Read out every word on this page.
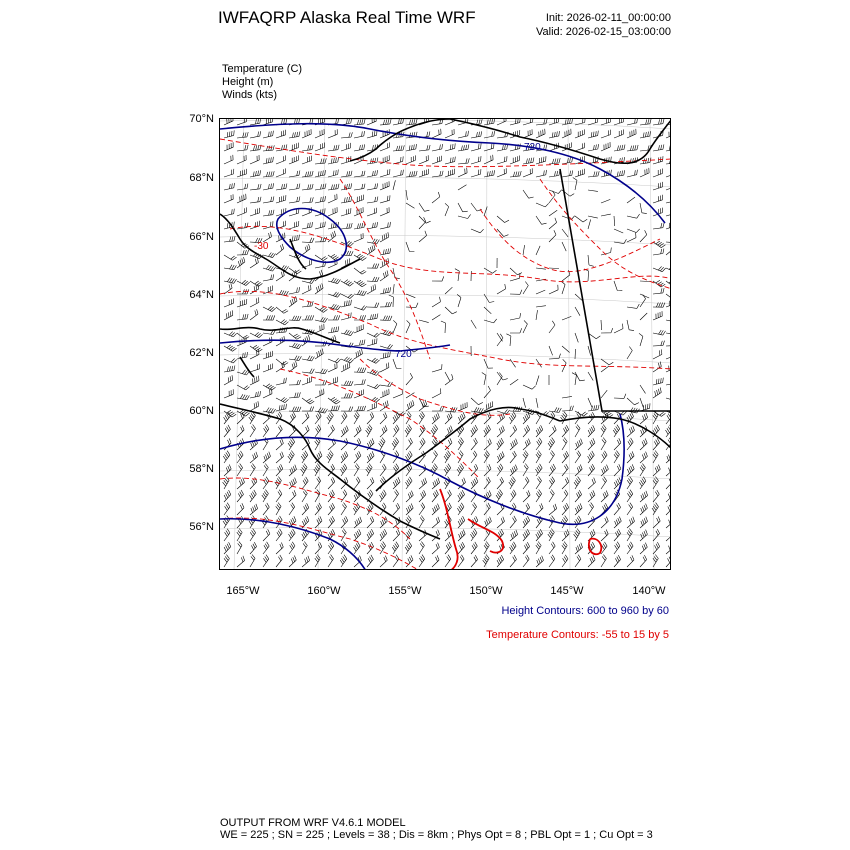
IWFAQRP Alaska Real Time WRF	Init: 2026-02-11_00:00:00
Valid: 2026-02-15_03:00:00
Temperature (C)
Height (m)
Winds (kts)
720
720
-30
70°N
68°N
66°N
64°N
62°N
60°N
58°N
56°N
165°W	160°W	155°W	150°W	145°W	140°W
Height Contours: 600 to 960 by 60
Temperature Contours: -55 to 15 by 5
OUTPUT FROM WRF V4.6.1 MODEL
WE = 225 ; SN = 225 ; Levels = 38 ; Dis = 8km ; Phys Opt = 8 ; PBL Opt = 1 ; Cu Opt = 3
